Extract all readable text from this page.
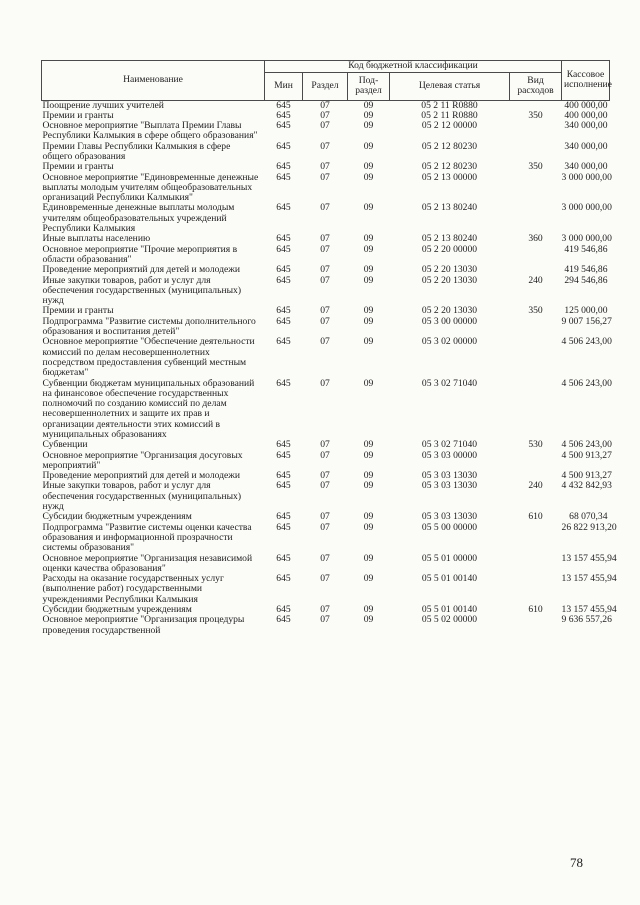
Наименование	Код бюджетной классификации					Кассовое исполнение
	Мин	Раздел	Под-раздел	Целевая статья	Вид расходов	
Поощрение лучших учителей	645	07	09	05 2 11 R0880		400 000,00
Премии и гранты	645	07	09	05 2 11 R0880	350	400 000,00
Основное мероприятие "Выплата Премии Главы Республики Калмыкия в сфере общего образования"	645	07	09	05 2 12 00000		340 000,00
Премии Главы Республики Калмыкия в сфере общего образования	645	07	09	05 2 12 80230		340 000,00
Премии и гранты	645	07	09	05 2 12 80230	350	340 000,00
Основное мероприятие "Единовременные денежные выплаты молодым учителям общеобразовательных организаций Республики Калмыкия"	645	07	09	05 2 13 00000		3 000 000,00
Единовременные денежные выплаты молодым учителям общеобразовательных учреждений Республики Калмыкия	645	07	09	05 2 13 80240		3 000 000,00
Иные выплаты населению	645	07	09	05 2 13 80240	360	3 000 000,00
Основное мероприятие "Прочие мероприятия в области образования"	645	07	09	05 2 20 00000		419 546,86
Проведение мероприятий для детей и молодежи	645	07	09	05 2 20 13030		419 546,86
Иные закупки товаров, работ и услуг для обеспечения государственных (муниципальных) нужд	645	07	09	05 2 20 13030	240	294 546,86
Премии и гранты	645	07	09	05 2 20 13030	350	125 000,00
Подпрограмма "Развитие системы дополнительного образования и воспитания детей"	645	07	09	05 3 00 00000		9 007 156,27
Основное мероприятие "Обеспечение деятельности комиссий по делам несовершеннолетних посредством предоставления субвенций местным бюджетам"	645	07	09	05 3 02 00000		4 506 243,00
Субвенции бюджетам муниципальных образований на финансовое обеспечение государственных полномочий по созданию комиссий по делам несовершеннолетних и защите их прав и организации деятельности этих комиссий в муниципальных образованиях	645	07	09	05 3 02 71040		4 506 243,00
Субвенции	645	07	09	05 3 02 71040	530	4 506 243,00
Основное мероприятие "Организация досуговых мероприятий"	645	07	09	05 3 03 00000		4 500 913,27
Проведение мероприятий для детей и молодежи	645	07	09	05 3 03 13030		4 500 913,27
Иные закупки товаров, работ и услуг для обеспечения государственных (муниципальных) нужд	645	07	09	05 3 03 13030	240	4 432 842,93
Субсидии бюджетным учреждениям	645	07	09	05 3 03 13030	610	68 070,34
Подпрограмма "Развитие системы оценки качества образования и информационной прозрачности системы образования"	645	07	09	05 5 00 00000		26 822 913,20
Основное мероприятие "Организация независимой оценки качества образования"	645	07	09	05 5 01 00000		13 157 455,94
Расходы на оказание государственных услуг (выполнение работ) государственными учреждениями Республики Калмыкия	645	07	09	05 5 01 00140		13 157 455,94
Субсидии бюджетным учреждениям	645	07	09	05 5 01 00140	610	13 157 455,94
Основное мероприятие "Организация процедуры проведения государственной	645	07	09	05 5 02 00000		9 636 557,26
78
